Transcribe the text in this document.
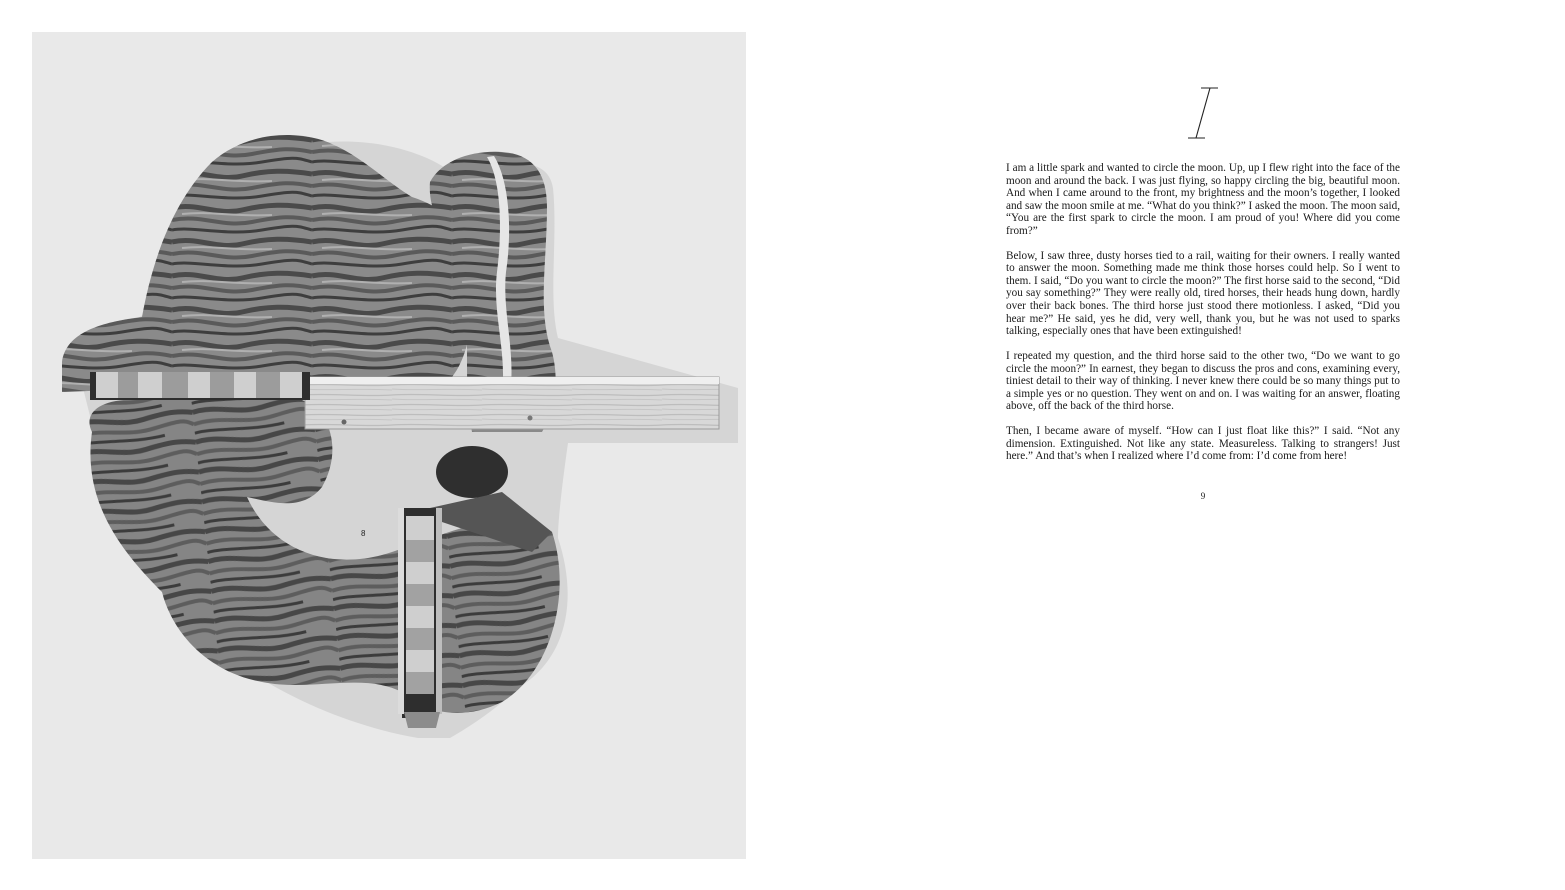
8

I am a little spark and wanted to circle the moon. Up, up I flew right into the face of the moon and around the back. I was just flying, so happy circling the big, beautiful moon. And when I came around to the front, my brightness and the moon’s together, I looked and saw the moon smile at me. “What do you think?” I asked the moon. The moon said, “You are the first spark to circle the moon. I am proud of you! Where did you come from?”

Below, I saw three, dusty horses tied to a rail, waiting for their owners. I really wanted to answer the moon. Something made me think those horses could help. So I went to them. I said, “Do you want to circle the moon?” The first horse said to the second, “Did you say something?” They were really old, tired horses, their heads hung down, hardly over their back bones. The third horse just stood there motionless. I asked, “Did you hear me?” He said, yes he did, very well, thank you, but he was not used to sparks talking, especially ones that have been extinguished!

I repeated my question, and the third horse said to the other two, “Do we want to go circle the moon?” In earnest, they began to discuss the pros and cons, examining every, tiniest detail to their way of thinking. I never knew there could be so many things put to a simple yes or no question. They went on and on. I was waiting for an answer, floating above, off the back of the third horse.

Then, I became aware of myself. “How can I just float like this?” I said. “Not any dimension. Extinguished. Not like any state. Measureless. Talking to strangers! Just here.” And that’s when I realized where I’d come from: I’d come from here!

9
